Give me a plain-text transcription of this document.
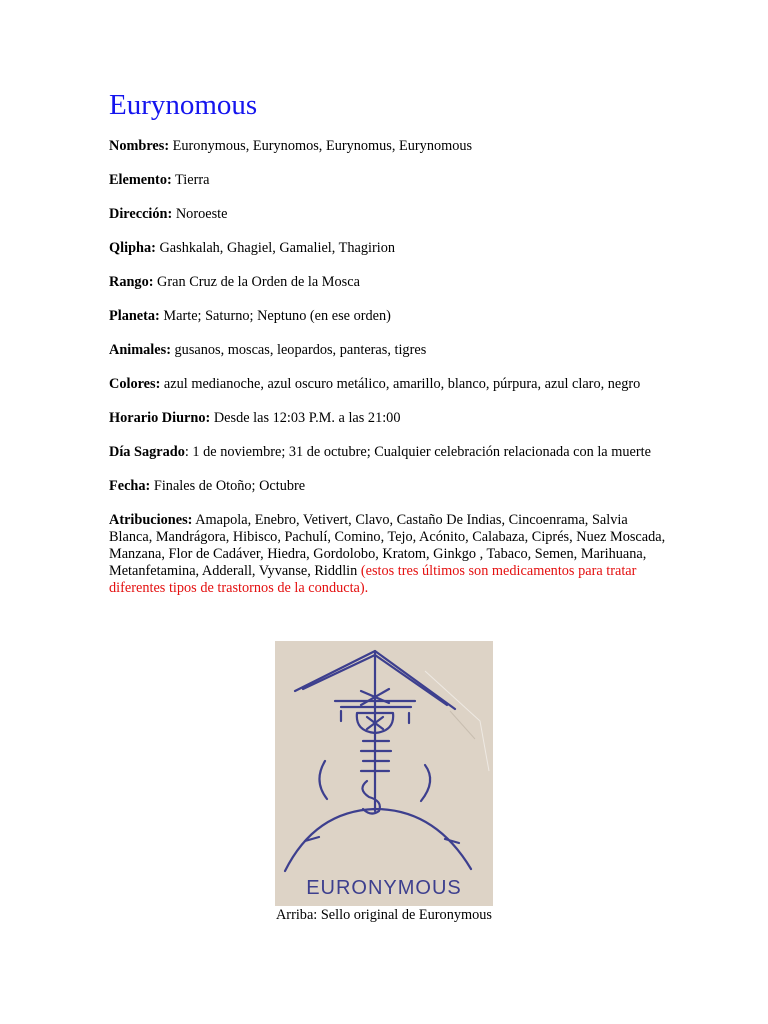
Eurynomous

Nombres: Euronymous, Eurynomos, Eurynomus, Eurynomous

Elemento: Tierra

Dirección: Noroeste

Qlipha: Gashkalah, Ghagiel, Gamaliel, Thagirion

Rango: Gran Cruz de la Orden de la Mosca

Planeta: Marte; Saturno; Neptuno (en ese orden)

Animales: gusanos, moscas, leopardos, panteras, tigres

Colores: azul medianoche, azul oscuro metálico, amarillo, blanco, púrpura, azul claro, negro

Horario Diurno: Desde las 12:03 P.M. a las 21:00

Día Sagrado: 1 de noviembre; 31 de octubre; Cualquier celebración relacionada con la muerte

Fecha: Finales de Otoño; Octubre

Atribuciones: Amapola, Enebro, Vetivert, Clavo, Castaño De Indias, Cincoenrama, Salvia Blanca, Mandrágora, Hibisco, Pachulí, Comino, Tejo, Acónito, Calabaza, Ciprés, Nuez Moscada, Manzana, Flor de Cadáver, Hiedra, Gordolobo, Kratom, Ginkgo , Tabaco, Semen, Marihuana, Metanfetamina, Adderall, Vyvanse, Riddlin (estos tres últimos son medicamentos para tratar diferentes tipos de trastornos de la conducta).

EURONYMOUS
Arriba: Sello original de Euronymous
